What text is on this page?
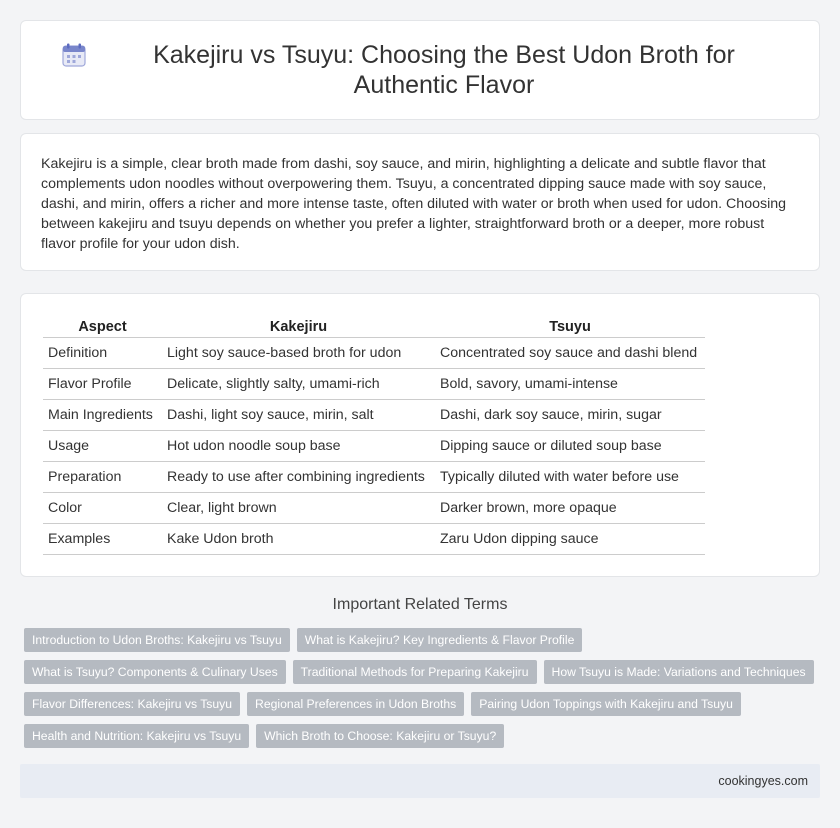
Kakejiru vs Tsuyu: Choosing the Best Udon Broth for Authentic Flavor

Kakejiru is a simple, clear broth made from dashi, soy sauce, and mirin, highlighting a delicate and subtle flavor that complements udon noodles without overpowering them. Tsuyu, a concentrated dipping sauce made with soy sauce, dashi, and mirin, offers a richer and more intense taste, often diluted with water or broth when used for udon. Choosing between kakejiru and tsuyu depends on whether you prefer a lighter, straightforward broth or a deeper, more robust flavor profile for your udon dish.

Aspect	Kakejiru	Tsuyu
Definition	Light soy sauce-based broth for udon	Concentrated soy sauce and dashi blend
Flavor Profile	Delicate, slightly salty, umami-rich	Bold, savory, umami-intense
Main Ingredients	Dashi, light soy sauce, mirin, salt	Dashi, dark soy sauce, mirin, sugar
Usage	Hot udon noodle soup base	Dipping sauce or diluted soup base
Preparation	Ready to use after combining ingredients	Typically diluted with water before use
Color	Clear, light brown	Darker brown, more opaque
Examples	Kake Udon broth	Zaru Udon dipping sauce
Important Related Terms
Introduction to Udon Broths: Kakejiru vs Tsuyu	What is Kakejiru? Key Ingredients & Flavor Profile
What is Tsuyu? Components & Culinary Uses	Traditional Methods for Preparing Kakejiru	How Tsuyu is Made: Variations and Techniques
Flavor Differences: Kakejiru vs Tsuyu	Regional Preferences in Udon Broths	Pairing Udon Toppings with Kakejiru and Tsuyu
Health and Nutrition: Kakejiru vs Tsuyu	Which Broth to Choose: Kakejiru or Tsuyu?
cookingyes.com
